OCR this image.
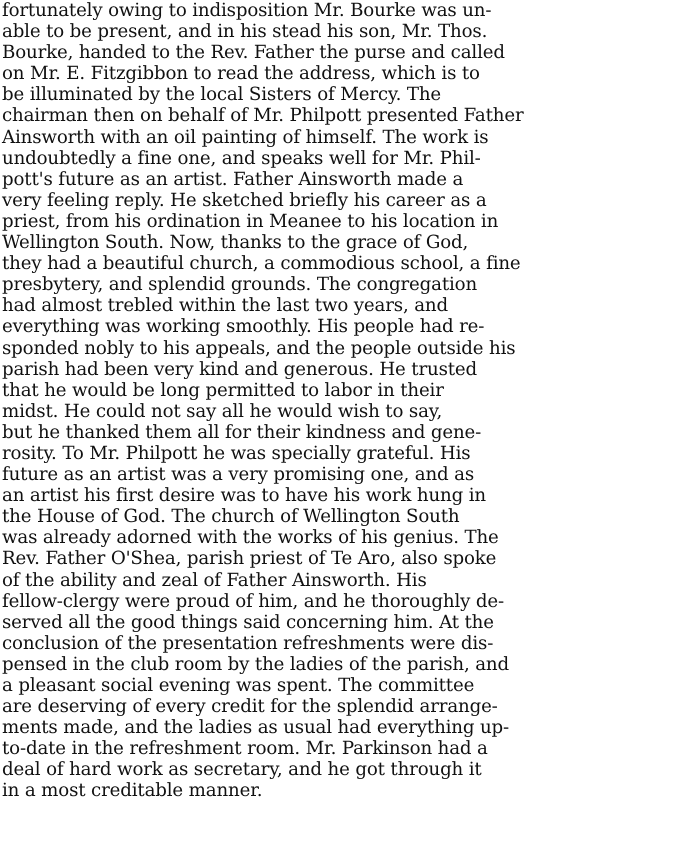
fortunately owing to indisposition Mr. Bourke was un-
able to be present, and in his stead his son, Mr. Thos.
Bourke, handed to the Rev. Father the purse and called
on Mr. E. Fitzgibbon to read the address, which is to
be illuminated by the local Sisters of Mercy. The
chairman then on behalf of Mr. Philpott presented Father
Ainsworth with an oil painting of himself. The work is
undoubtedly a fine one, and speaks well for Mr. Phil-
pott's future as an artist. Father Ainsworth made a
very feeling reply. He sketched briefly his career as a
priest, from his ordination in Meanee to his location in
Wellington South. Now, thanks to the grace of God,
they had a beautiful church, a commodious school, a fine
presbytery, and splendid grounds. The congregation
had almost trebled within the last two years, and
everything was working smoothly. His people had re-
sponded nobly to his appeals, and the people outside his
parish had been very kind and generous. He trusted
that he would be long permitted to labor in their
midst. He could not say all he would wish to say,
but he thanked them all for their kindness and gene-
rosity. To Mr. Philpott he was specially grateful. His
future as an artist was a very promising one, and as
an artist his first desire was to have his work hung in
the House of God. The church of Wellington South
was already adorned with the works of his genius. The
Rev. Father O'Shea, parish priest of Te Aro, also spoke
of the ability and zeal of Father Ainsworth. His
fellow-clergy were proud of him, and he thoroughly de-
served all the good things said concerning him. At the
conclusion of the presentation refreshments were dis-
pensed in the club room by the ladies of the parish, and
a pleasant social evening was spent. The committee
are deserving of every credit for the splendid arrange-
ments made, and the ladies as usual had everything up-
to-date in the refreshment room. Mr. Parkinson had a
deal of hard work as secretary, and he got through it
in a most creditable manner.
